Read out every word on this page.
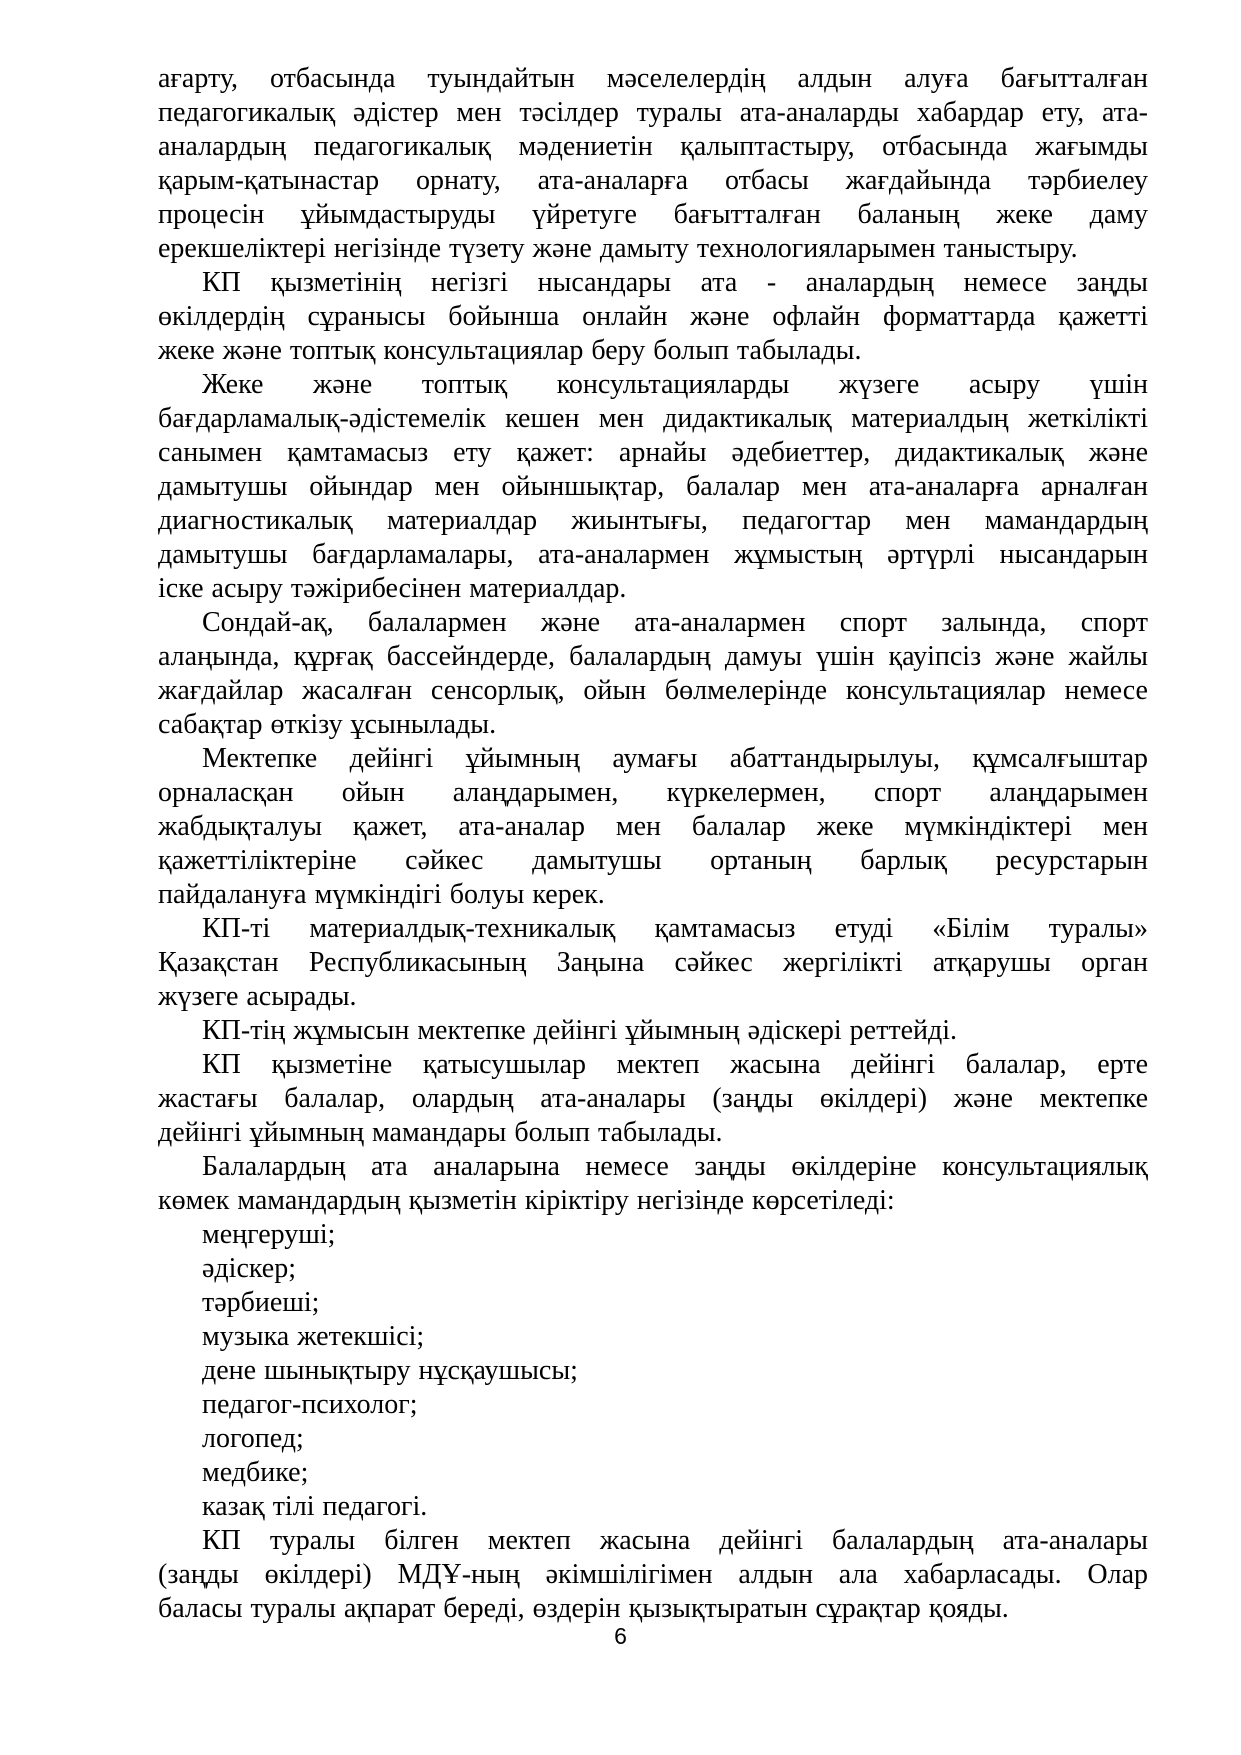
ағарту, отбасында туындайтын мәселелердің алдын алуға бағытталған
педагогикалық әдістер мен тәсілдер туралы ата-аналарды хабардар ету, ата-
аналардың педагогикалық мәдениетін қалыптастыру, отбасында жағымды
қарым-қатынастар орнату, ата-аналарға отбасы жағдайында тәрбиелеу
процесін ұйымдастыруды үйретуге бағытталған баланың жеке даму
ерекшеліктері негізінде түзету және дамыту технологияларымен таныстыру.
КП қызметінің негізгі нысандары ата - аналардың немесе заңды
өкілдердің сұранысы бойынша онлайн және офлайн форматтарда қажетті
жеке және топтық консультациялар беру болып табылады.
Жеке және топтық консультацияларды жүзеге асыру үшін
бағдарламалық-әдістемелік кешен мен дидактикалық материалдың жеткілікті
санымен қамтамасыз ету қажет: арнайы әдебиеттер, дидактикалық және
дамытушы ойындар мен ойыншықтар, балалар мен ата-аналарға арналған
диагностикалық материалдар жиынтығы, педагогтар мен мамандардың
дамытушы бағдарламалары, ата-аналармен жұмыстың әртүрлі нысандарын
іске асыру тәжірибесінен материалдар.
Сондай-ақ, балалармен және ата-аналармен спорт залында, спорт
алаңында, құрғақ бассейндерде, балалардың дамуы үшін қауіпсіз және жайлы
жағдайлар жасалған сенсорлық, ойын бөлмелерінде консультациялар немесе
сабақтар өткізу ұсынылады.
Мектепке дейінгі ұйымның аумағы абаттандырылуы, құмсалғыштар
орналасқан ойын алаңдарымен, күркелермен, спорт алаңдарымен
жабдықталуы қажет, ата-аналар мен балалар жеке мүмкіндіктері мен
қажеттіліктеріне сәйкес дамытушы ортаның барлық ресурстарын
пайдалануға мүмкіндігі болуы керек.
КП-ті материалдық-техникалық қамтамасыз етуді «Білім туралы»
Қазақстан Республикасының Заңына сәйкес жергілікті атқарушы орган
жүзеге асырады.
КП-тің жұмысын мектепке дейінгі ұйымның әдіскері реттейді.
КП қызметіне қатысушылар мектеп жасына дейінгі балалар, ерте
жастағы балалар, олардың ата-аналары (заңды өкілдері) және мектепке
дейінгі ұйымның мамандары болып табылады.
Балалардың ата аналарына немесе заңды өкілдеріне консультациялық
көмек мамандардың қызметін кіріктіру негізінде көрсетіледі:
меңгеруші;
әдіскер;
тәрбиеші;
музыка жетекшісі;
дене шынықтыру нұсқаушысы;
педагог-психолог;
логопед;
медбике;
казақ тілі педагогі.
КП туралы білген мектеп жасына дейінгі балалардың ата-аналары
(заңды өкілдері) МДҰ-ның әкімшілігімен алдын ала хабарласады. Олар
баласы туралы ақпарат береді, өздерін қызықтыратын сұрақтар қояды.
6
